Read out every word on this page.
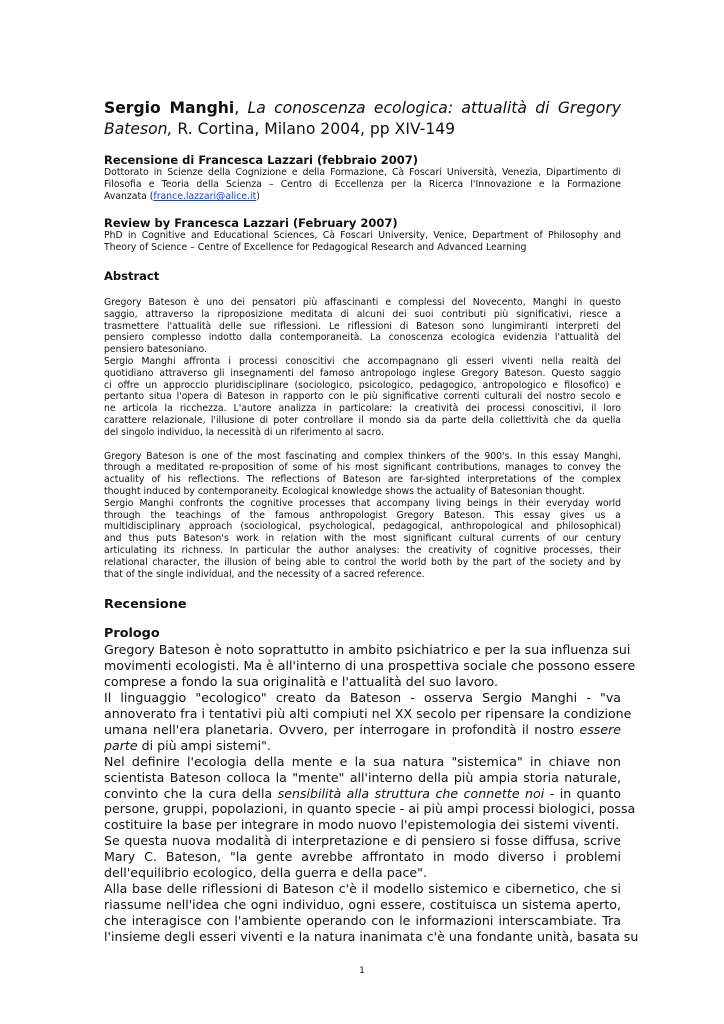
Sergio Manghi, La conoscenza ecologica: attualità di Gregory
Bateson, R. Cortina, Milano 2004, pp XIV-149
Recensione di Francesca Lazzari (febbraio 2007)
Dottorato in Scienze della Cognizione e della Formazione, Cà Foscari Università, Venezia, Dipartimento di
Filosofia e Teoria della Scienza – Centro di Eccellenza per la Ricerca l'Innovazione e la Formazione
Avanzata (france.lazzari@alice.it)
Review by Francesca Lazzari (February 2007)
PhD in Cognitive and Educational Sciences, Cà Foscari University, Venice, Department of Philosophy and
Theory of Science – Centre of Excellence for Pedagogical Research and Advanced Learning
Abstract
Gregory Bateson è uno dei pensatori più affascinanti e complessi del Novecento, Manghi in questo
saggio, attraverso la riproposizione meditata di alcuni dei suoi contributi più significativi, riesce a
trasmettere l'attualità delle sue riflessioni. Le riflessioni di Bateson sono lungimiranti interpreti del
pensiero complesso indotto dalla contemporaneità. La conoscenza ecologica evidenzia l'attualità del
pensiero batesoniano.
Sergio Manghi affronta i processi conoscitivi che accompagnano gli esseri viventi nella realtà del
quotidiano attraverso gli insegnamenti del famoso antropologo inglese Gregory Bateson. Questo saggio
ci offre un approccio pluridisciplinare (sociologico, psicologico, pedagogico, antropologico e filosofico) e
pertanto situa l'opera di Bateson in rapporto con le più significative correnti culturali del nostro secolo e
ne articola la ricchezza. L'autore analizza in particolare: la creatività dei processi conoscitivi, il loro
carattere relazionale, l'illusione di poter controllare il mondo sia da parte della collettività che da quella
del singolo individuo, la necessità di un riferimento al sacro.
Gregory Bateson is one of the most fascinating and complex thinkers of the 900's. In this essay Manghi,
through a meditated re-proposition of some of his most significant contributions, manages to convey the
actuality of his reflections. The reflections of Bateson are far-sighted interpretations of the complex
thought induced by contemporaneity. Ecological knowledge shows the actuality of Batesonian thought.
Sergio Manghi confronts the cognitive processes that accompany living beings in their everyday world
through the teachings of the famous anthropologist Gregory Bateson. This essay gives us a
multidisciplinary approach (sociological, psychological, pedagogical, anthropological and philosophical)
and thus puts Bateson's work in relation with the most significant cultural currents of our century
articulating its richness. In particular the author analyses: the creativity of cognitive processes, their
relational character, the illusion of being able to control the world both by the part of the society and by
that of the single individual, and the necessity of a sacred reference.
Recensione
Prologo
Gregory Bateson è noto soprattutto in ambito psichiatrico e per la sua influenza sui
movimenti ecologisti. Ma è all'interno di una prospettiva sociale che possono essere
comprese a fondo la sua originalità e l'attualità del suo lavoro.
Il linguaggio "ecologico" creato da Bateson - osserva Sergio Manghi - "va
annoverato fra i tentativi più alti compiuti nel XX secolo per ripensare la condizione
umana nell'era planetaria. Ovvero, per interrogare in profondità il nostro essere
parte di più ampi sistemi".
Nel definire l'ecologia della mente e la sua natura "sistemica" in chiave non
scientista Bateson colloca la "mente" all'interno della più ampia storia naturale,
convinto che la cura della sensibilità alla struttura che connette noi - in quanto
persone, gruppi, popolazioni, in quanto specie - ai più ampi processi biologici, possa
costituire la base per integrare in modo nuovo l'epistemologia dei sistemi viventi.
Se questa nuova modalità di interpretazione e di pensiero si fosse diffusa, scrive
Mary C. Bateson, "la gente avrebbe affrontato in modo diverso i problemi
dell'equilibrio ecologico, della guerra e della pace".
Alla base delle riflessioni di Bateson c'è il modello sistemico e cibernetico, che si
riassume nell'idea che ogni individuo, ogni essere, costituisca un sistema aperto,
che interagisce con l'ambiente operando con le informazioni interscambiate. Tra
l'insieme degli esseri viventi e la natura inanimata c'è una fondante unità, basata su
1
